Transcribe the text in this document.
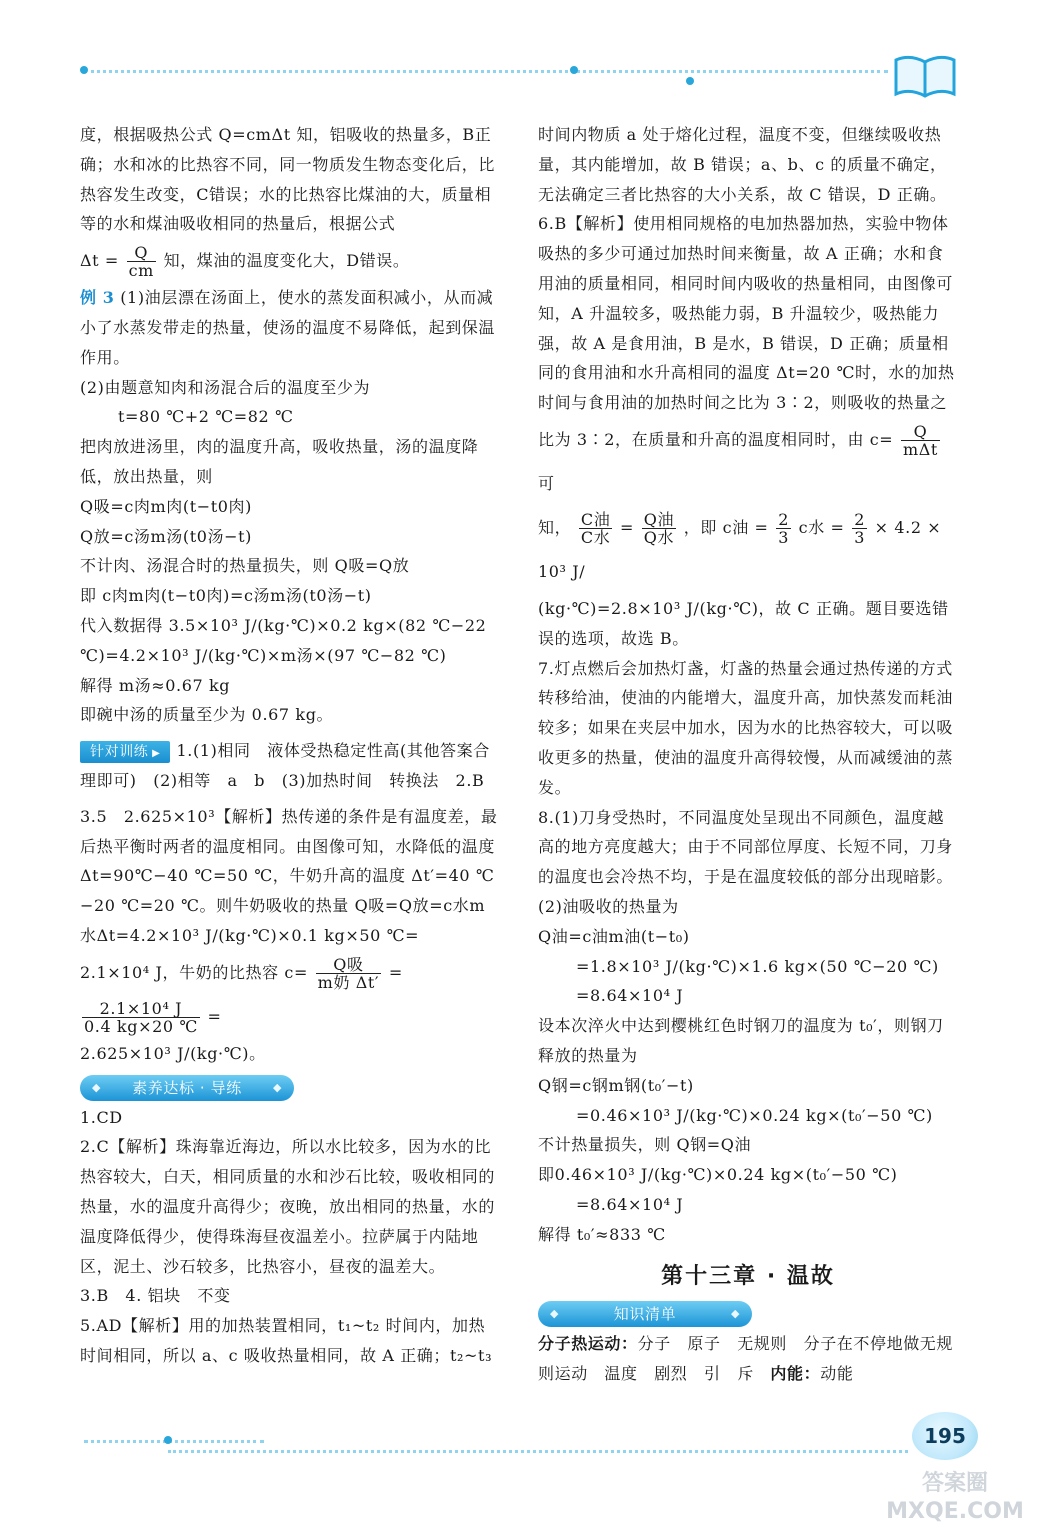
度，根据吸热公式 Q=cmΔt 知，铝吸收的热量多，B正确；水和冰的比热容不同，同一物质发生物态变化后，比热容发生改变，C错误；水的比热容比煤油的大，质量相等的水和煤油吸收相同的热量后，根据公式

$\Delta t = \frac{Q}{cm}$ 知，煤油的温度变化大，D错误。

例 3 (1)油层漂在汤面上，使水的蒸发面积减小，从而减小了水蒸发带走的热量，使汤的温度不易降低，起到保温作用。

(2)由题意知肉和汤混合后的温度至少为

t=80 ℃+2 ℃=82 ℃

把肉放进汤里，肉的温度升高，吸收热量，汤的温度降低，放出热量，则

Q吸=c肉m肉(t−t0肉)

Q放=c汤m汤(t0汤−t)

不计肉、汤混合时的热量损失，则 Q吸=Q放

即 c肉m肉(t−t0肉)=c汤m汤(t0汤−t)

代入数据得 3.5×10³ J/(kg·℃)×0.2 kg×(82 ℃−22 ℃)=4.2×10³ J/(kg·℃)×m汤×(97 ℃−82 ℃)

解得 m汤≈0.67 kg

即碗中汤的质量至少为 0.67 kg。

针对训练 ▶ 1.(1)相同　液体受热稳定性高(其他答案合理即可)　(2)相等　a　b　(3)加热时间　转换法　2.B

3.5　2.625×10³【解析】热传递的条件是有温度差，最后热平衡时两者的温度相同。由图像可知，水降低的温度 Δt=90℃−40 ℃=50 ℃，牛奶升高的温度 Δt′=40 ℃−20 ℃=20 ℃。则牛奶吸收的热量 Q吸=Q放=c水m水Δt=4.2×10³ J/(kg·℃)×0.1 kg×50 ℃=

2.1×10⁴ J，牛奶的比热容 $c= \frac{\text{Q吸}}{\text{m奶 Δt′}}$ =
$\frac{\text{2.1×10⁴ J}}{0.4 kg\times 20 ℃}$ =

2.625×10³ J/(kg·℃)。

◆ 素养达标 · 导练 ◆

1.CD

2.C【解析】珠海靠近海边，所以水比较多，因为水的比热容较大，白天，相同质量的水和沙石比较，吸收相同的热量，水的温度升高得少；夜晚，放出相同的热量，水的温度降低得少，使得珠海昼夜温差小。拉萨属于内陆地区，泥土、沙石较多，比热容小，昼夜的温差大。

3.B　4. 铝块　不变

5.AD【解析】用的加热装置相同，t₁~t₂ 时间内，加热时间相同，所以 a、c 吸收热量相同，故 A 正确；t₂~t₃

时间内物质 a 处于熔化过程，温度不变，但继续吸收热量，其内能增加，故 B 错误；a、b、c 的质量不确定，无法确定三者比热容的大小关系，故 C 错误，D 正确。

6.B【解析】使用相同规格的电加热器加热，实验中物体吸热的多少可通过加热时间来衡量，故 A 正确；水和食用油的质量相同，相同时间内吸收的热量相同，由图像可知，A 升温较多，吸热能力弱，B 升温较少，吸热能力强，故 A 是食用油，B 是水，B 错误，D 正确；质量相同的食用油和水升高相同的温度 Δt=20 ℃时，水的加热时间与食用油的加热时间之比为 3∶2，则吸收的热量之

比为 3∶2，在质量和升高的温度相同时，由 $c= \frac{Q}{\text{mΔt}}$
可

知， $\frac{\text{C油}}{\text{C水}} = \frac{\text{Q油}}{\text{Q水}}$ ，即 c油 = $\frac{2}{3}$ c水 = $\frac{2}{3} \times 4.2 \times 10^3$ J/

(kg·℃)=2.8×10³ J/(kg·℃)，故 C 正确。题目要选错误的选项，故选 B。

7.灯点燃后会加热灯盏，灯盏的热量会通过热传递的方式转移给油，使油的内能增大，温度升高，加快蒸发而耗油较多；如果在夹层中加水，因为水的比热容较大，可以吸收更多的热量，使油的温度升高得较慢，从而减缓油的蒸发。

8.(1)刀身受热时，不同温度处呈现出不同颜色，温度越高的地方亮度越大；由于不同部位厚度、长短不同，刀身的温度也会冷热不均，于是在温度较低的部分出现暗影。

(2)油吸收的热量为

Q油=c油m油(t−t₀)

=1.8×10³ J/(kg·℃)×1.6 kg×(50 ℃−20 ℃)

=8.64×10⁴ J

设本次淬火中达到樱桃红色时钢刀的温度为 t₀′，则钢刀释放的热量为

Q钢=c钢m钢(t₀′−t)

=0.46×10³ J/(kg·℃)×0.24 kg×(t₀′−50 ℃)

不计热量损失，则 Q钢=Q油

即0.46×10³ J/(kg·℃)×0.24 kg×(t₀′−50 ℃)

=8.64×10⁴ J

解得 t₀′≈833 ℃

第十三章 · 温故
◆ 知识清单 ◆

分子热运动：分子　原子　无规则　分子在不停地做无规则运动　温度　剧烈　引　斥　内能：动能

195
答案圈
MXQE.COM
